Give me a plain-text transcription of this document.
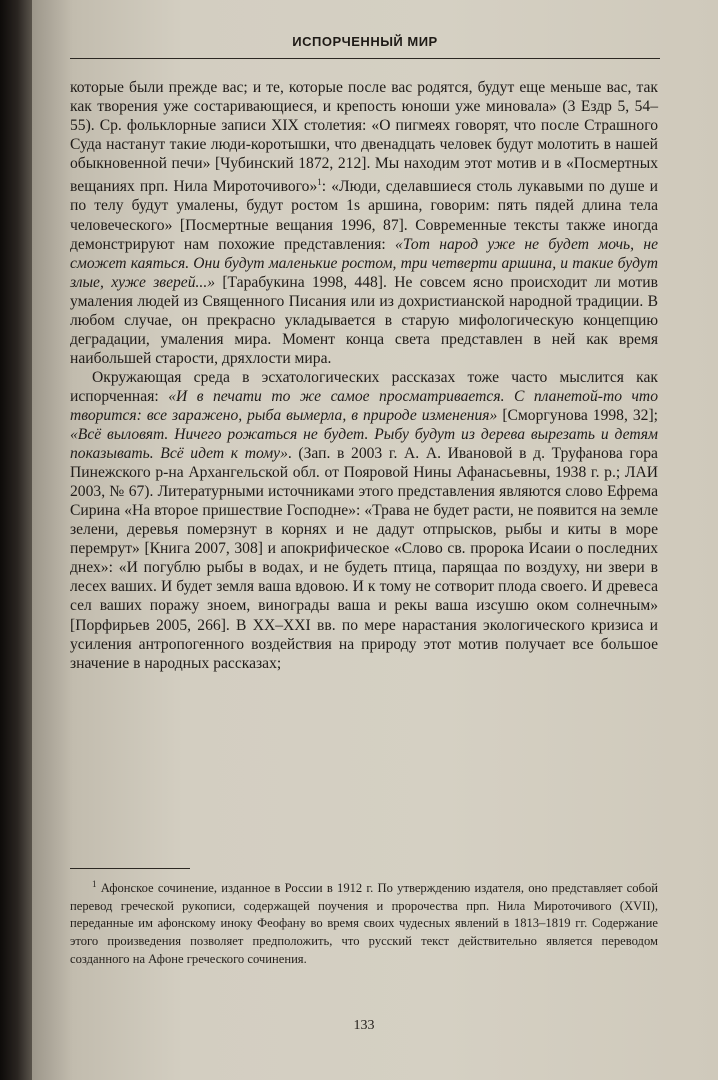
ИСПОРЧЕННЫЙ МИР

которые были прежде вас; и те, которые после вас родятся, будут еще меньше вас, так как творения уже состаривающиеся, и крепость юноши уже миновала» (3 Ездр 5, 54–55). Ср. фольклорные записи XIX столетия: «О пигмеях говорят, что после Страшного Суда настанут такие люди-коротышки, что двенадцать человек будут молотить в нашей обыкновенной печи» [Чубинский 1872, 212]. Мы находим этот мотив и в «Посмертных вещаниях прп. Нила Мироточивого»$^1$: «Люди, сделавшиеся столь лукавыми по душе и по телу будут умалены, будут ростом 1s аршина, говорим: пять пядей длина тела человеческого» [Посмертные вещания 1996, 87]. Современные тексты также иногда демонстрируют нам похожие представления: «Тот народ уже не будет мочь, не сможет каяться. Они будут маленькие ростом, три четверти аршина, и такие будут злые, хуже зверей...» [Тарабукина 1998, 448]. Не совсем ясно происходит ли мотив умаления людей из Священного Писания или из дохристианской народной традиции. В любом случае, он прекрасно укладывается в старую мифологическую концепцию деградации, умаления мира. Момент конца света представлен в ней как время наибольшей старости, дряхлости мира.

Окружающая среда в эсхатологических рассказах тоже часто мыслится как испорченная: «И в печати то же самое просматривается. С планетой-то что творится: все заражено, рыба вымерла, в природе изменения» [Сморгунова 1998, 32]; «Всё выловят. Ничего рожаться не будет. Рыбу будут из дерева вырезать и детям показывать. Всё идет к тому». (Зап. в 2003 г. А. А. Ивановой в д. Труфанова гора Пинежского р-на Архангельской обл. от Пояровой Нины Афанасьевны, 1938 г. р.; ЛАИ 2003, № 67). Литературными источниками этого представления являются слово Ефрема Сирина «На второе пришествие Господне»: «Трава не будет расти, не появится на земле зелени, деревья померзнут в корнях и не дадут отпрысков, рыбы и киты в море перемрут» [Книга 2007, 308] и апокрифическое «Слово св. пророка Исаии о последних днех»: «И погублю рыбы в водах, и не будеть птица, парящаа по воздуху, ни звери в лесех ваших. И будет земля ваша вдовою. И к тому не сотворит плода своего. И древеса сел ваших поражу зноем, винограды ваша и рекы ваша изсушю оком солнечным» [Порфирьев 2005, 266]. В XX–XXI вв. по мере нарастания экологического кризиса и усиления антропогенного воздействия на природу этот мотив получает все большое значение в народных рассказах;

$^1$ Афонское сочинение, изданное в России в 1912 г. По утверждению издателя, оно представляет собой перевод греческой рукописи, содержащей поучения и пророчества прп. Нила Мироточивого (XVII), переданные им афонскому иноку Феофану во время своих чудесных явлений в 1813–1819 гг. Содержание этого произведения позволяет предположить, что русский текст действительно является переводом созданного на Афоне греческого сочинения.
133
